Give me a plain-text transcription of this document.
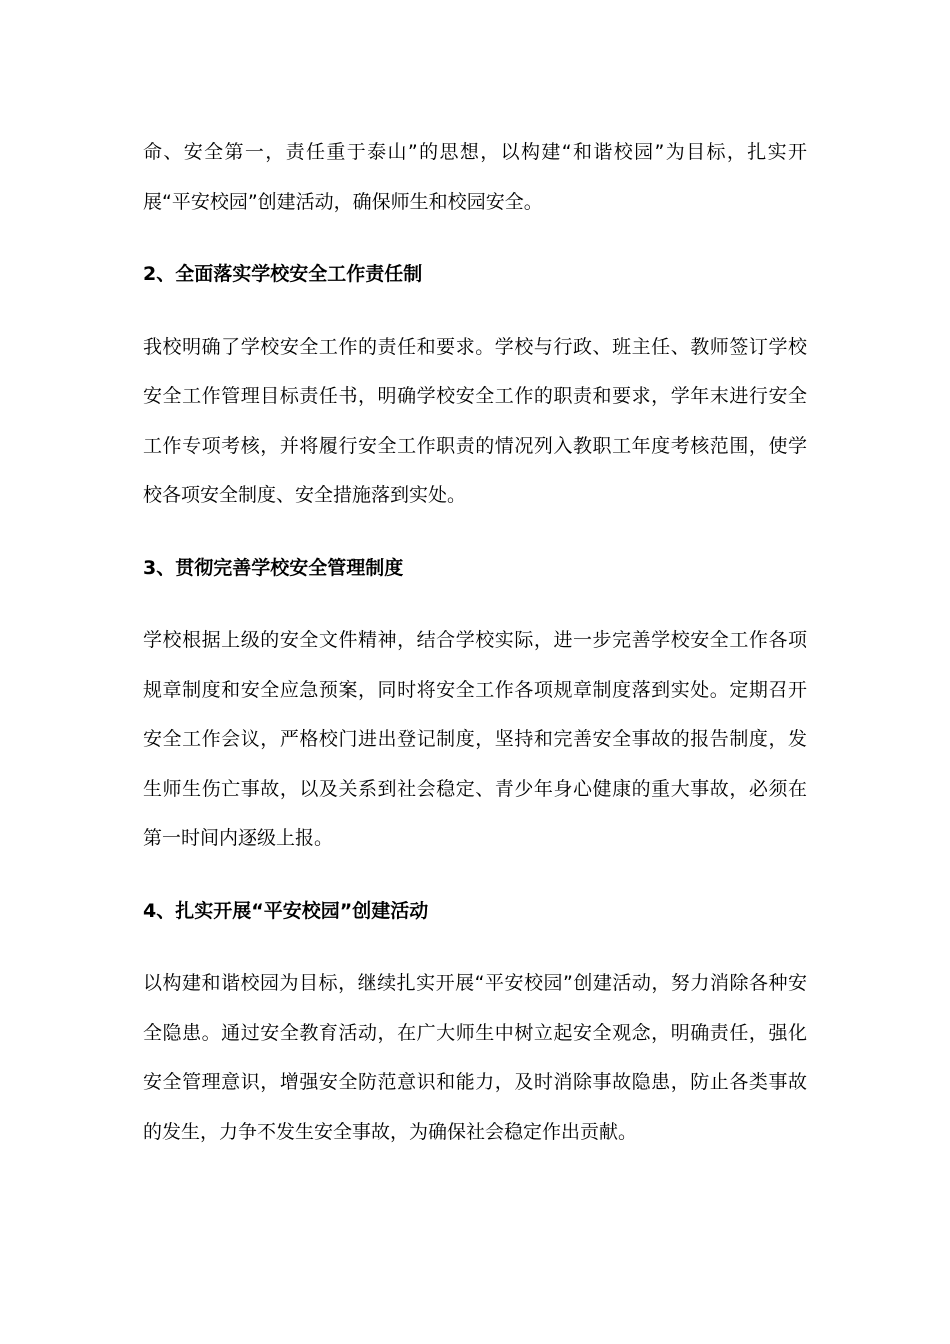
命、安全第一，责任重于泰山”的思想，以构建“和谐校园”为目标，扎实开展“平安校园”创建活动，确保师生和校园安全。

2、全面落实学校安全工作责任制

我校明确了学校安全工作的责任和要求。学校与行政、班主任、教师签订学校安全工作管理目标责任书，明确学校安全工作的职责和要求，学年末进行安全工作专项考核，并将履行安全工作职责的情况列入教职工年度考核范围，使学校各项安全制度、安全措施落到实处。

3、贯彻完善学校安全管理制度

学校根据上级的安全文件精神，结合学校实际，进一步完善学校安全工作各项规章制度和安全应急预案，同时将安全工作各项规章制度落到实处。定期召开安全工作会议，严格校门进出登记制度，坚持和完善安全事故的报告制度，发生师生伤亡事故，以及关系到社会稳定、青少年身心健康的重大事故，必须在第一时间内逐级上报。

4、扎实开展“平安校园”创建活动

以构建和谐校园为目标，继续扎实开展“平安校园”创建活动，努力消除各种安全隐患。通过安全教育活动，在广大师生中树立起安全观念，明确责任，强化安全管理意识，增强安全防范意识和能力，及时消除事故隐患，防止各类事故的发生，力争不发生安全事故，为确保社会稳定作出贡献。
